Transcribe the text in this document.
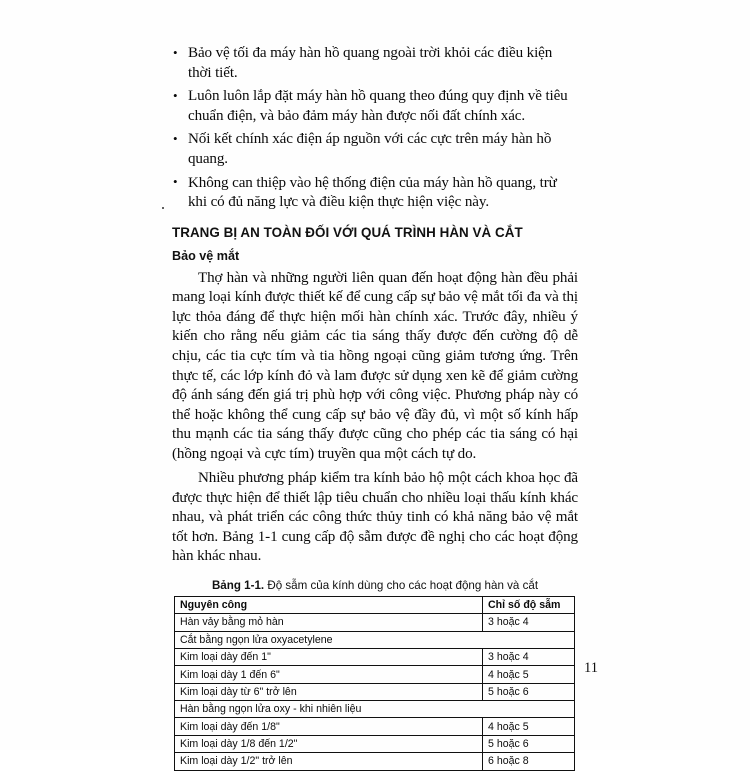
• Bảo vệ tối đa máy hàn hồ quang ngoài trời khỏi các điều kiện thời tiết.
• Luôn luôn lắp đặt máy hàn hồ quang theo đúng quy định về tiêu chuẩn điện, và bảo đảm máy hàn được nối đất chính xác.
• Nối kết chính xác điện áp nguồn với các cực trên máy hàn hồ quang.
• Không can thiệp vào hệ thống điện của máy hàn hồ quang, trừ khi có đủ năng lực và điều kiện thực hiện việc này.
TRANG BỊ AN TOÀN ĐỐI VỚI QUÁ TRÌNH HÀN VÀ CẮT
Bảo vệ mắt

Thợ hàn và những người liên quan đến hoạt động hàn đều phải mang loại kính được thiết kế để cung cấp sự bảo vệ mắt tối đa và thị lực thỏa đáng để thực hiện mối hàn chính xác. Trước đây, nhiều ý kiến cho rằng nếu giảm các tia sáng thấy được đến cường độ dễ chịu, các tia cực tím và tia hồng ngoại cũng giảm tương ứng. Trên thực tế, các lớp kính đỏ và lam được sử dụng xen kẽ để giảm cường độ ánh sáng đến giá trị phù hợp với công việc. Phương pháp này có thể hoặc không thể cung cấp sự bảo vệ đầy đủ, vì một số kính hấp thu mạnh các tia sáng thấy được cũng cho phép các tia sáng có hại (hồng ngoại và cực tím) truyền qua một cách tự do.

Nhiều phương pháp kiểm tra kính bảo hộ một cách khoa học đã được thực hiện để thiết lập tiêu chuẩn cho nhiều loại thấu kính khác nhau, và phát triển các công thức thủy tinh có khả năng bảo vệ mắt tốt hơn. Bảng 1-1 cung cấp độ sẫm được đề nghị cho các hoạt động hàn khác nhau.

Bảng 1-1. Độ sẫm của kính dùng cho các hoạt động hàn và cắt
Nguyên công	Chỉ số độ sẫm
Hàn vảy bằng mỏ hàn	3 hoặc 4
Cắt bằng ngọn lửa oxyacetylene	
Kim loại dày đến 1"	3 hoặc 4
Kim loại dày 1 đến 6"	4 hoặc 5
Kim loại dày từ 6" trở lên	5 hoặc 6
Hàn bằng ngọn lửa oxy - khi nhiên liệu	
Kim loại dày đến 1/8"	4 hoặc 5
Kim loại dày 1/8 đến 1/2"	5 hoặc 6
Kim loại dày 1/2" trở lên	6 hoặc 8
11
